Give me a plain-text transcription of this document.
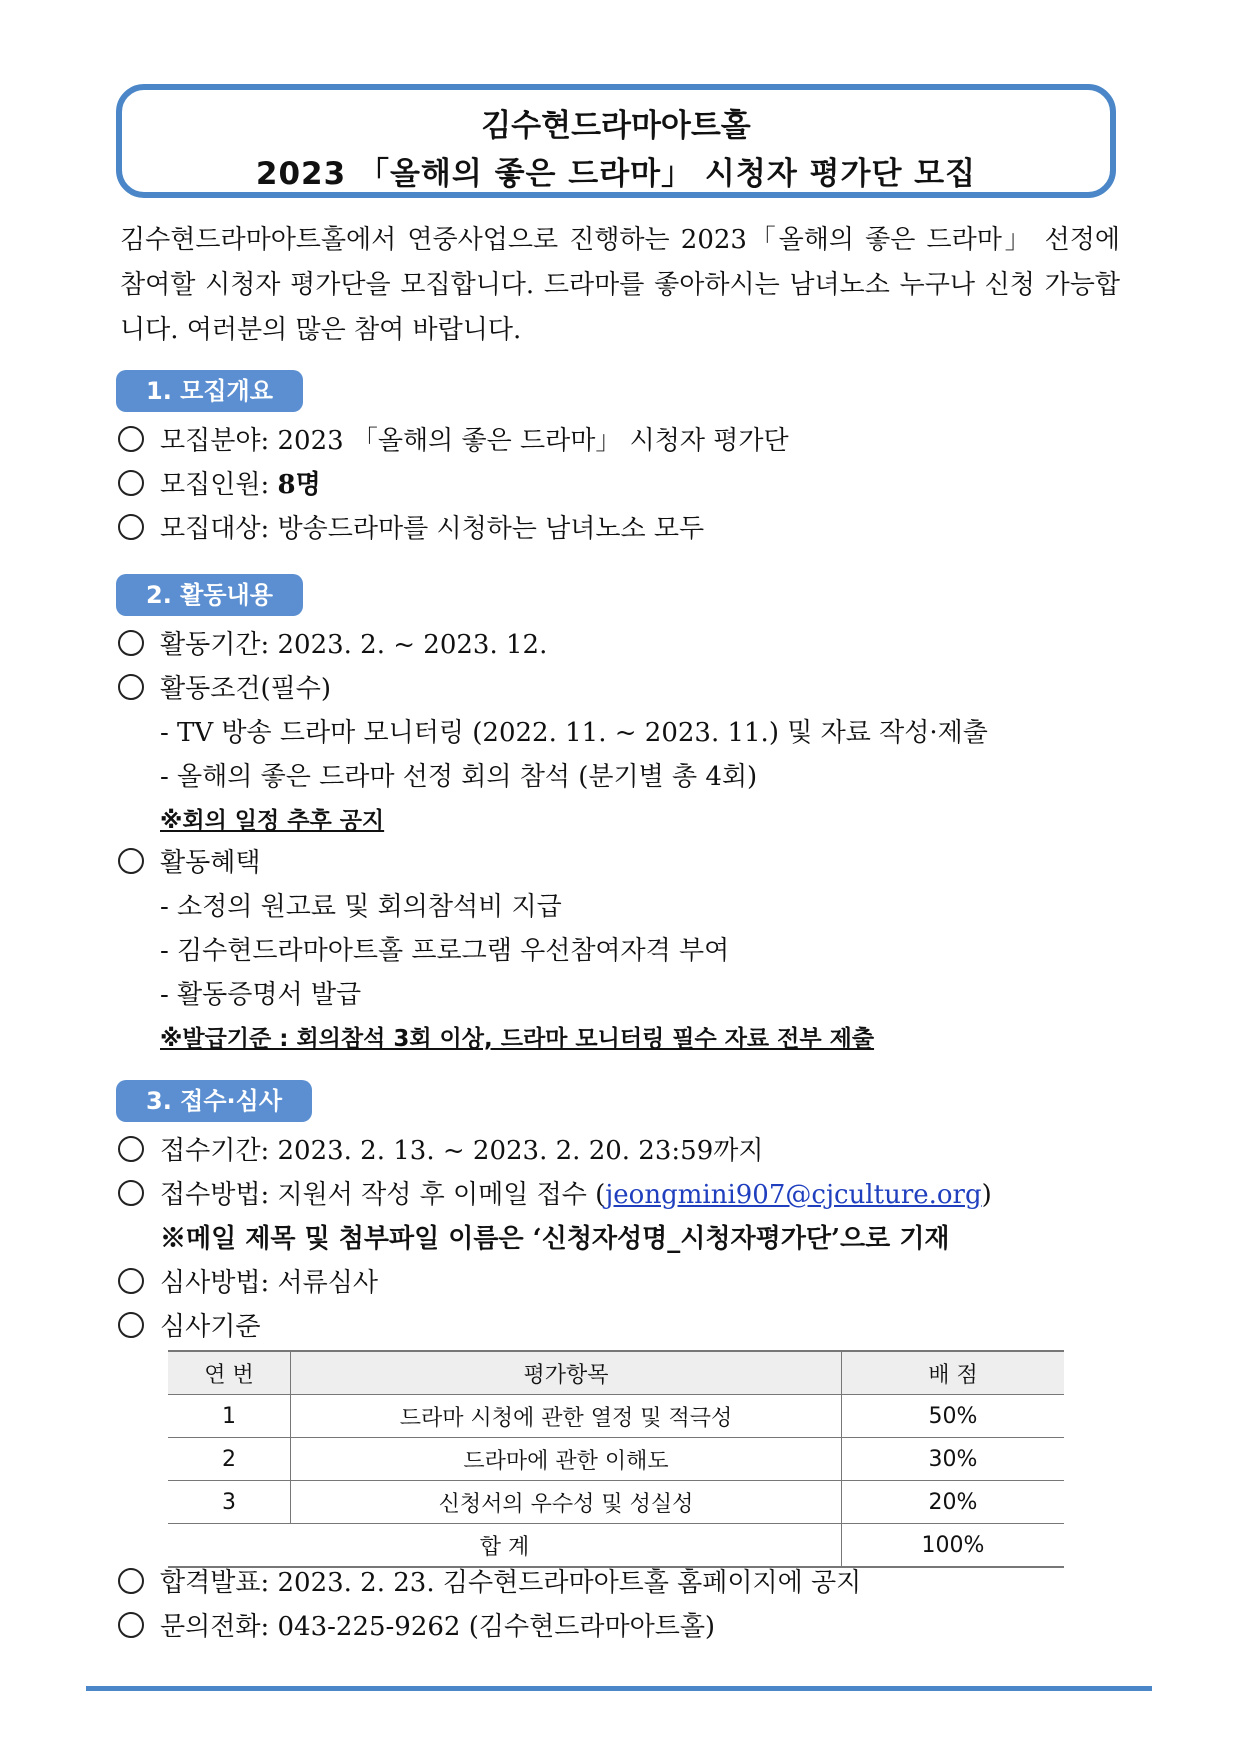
김수현드라마아트홀
2023 「올해의 좋은 드라마」 시청자 평가단 모집
김수현드라마아트홀에서 연중사업으로 진행하는 2023「올해의 좋은 드라마」 선정에 참여할 시청자 평가단을 모집합니다. 드라마를 좋아하시는 남녀노소 누구나 신청 가능합니다. 여러분의 많은 참여 바랍니다.
1. 모집개요
모집분야: 2023 「올해의 좋은 드라마」 시청자 평가단
모집인원: 8명
모집대상: 방송드라마를 시청하는 남녀노소 모두
2. 활동내용
활동기간: 2023. 2. ~ 2023. 12.
활동조건(필수)
- TV 방송 드라마 모니터링 (2022. 11. ~ 2023. 11.) 및 자료 작성·제출
- 올해의 좋은 드라마 선정 회의 참석 (분기별 총 4회)
※회의 일정 추후 공지
활동혜택
- 소정의 원고료 및 회의참석비 지급
- 김수현드라마아트홀 프로그램 우선참여자격 부여
- 활동증명서 발급
※발급기준 : 회의참석 3회 이상, 드라마 모니터링 필수 자료 전부 제출
3. 접수·심사
접수기간: 2023. 2. 13. ~ 2023. 2. 20. 23:59까지
접수방법: 지원서 작성 후 이메일 접수 (jeongmini907@cjculture.org)
※메일 제목 및 첨부파일 이름은 ‘신청자성명_시청자평가단’으로 기재
심사방법: 서류심사
심사기준
연 번	평가항목	배 점
1	드라마 시청에 관한 열정 및 적극성	50%
2	드라마에 관한 이해도	30%
3	신청서의 우수성 및 성실성	20%
합 계		100%
합격발표: 2023. 2. 23. 김수현드라마아트홀 홈페이지에 공지
문의전화: 043-225-9262 (김수현드라마아트홀)
